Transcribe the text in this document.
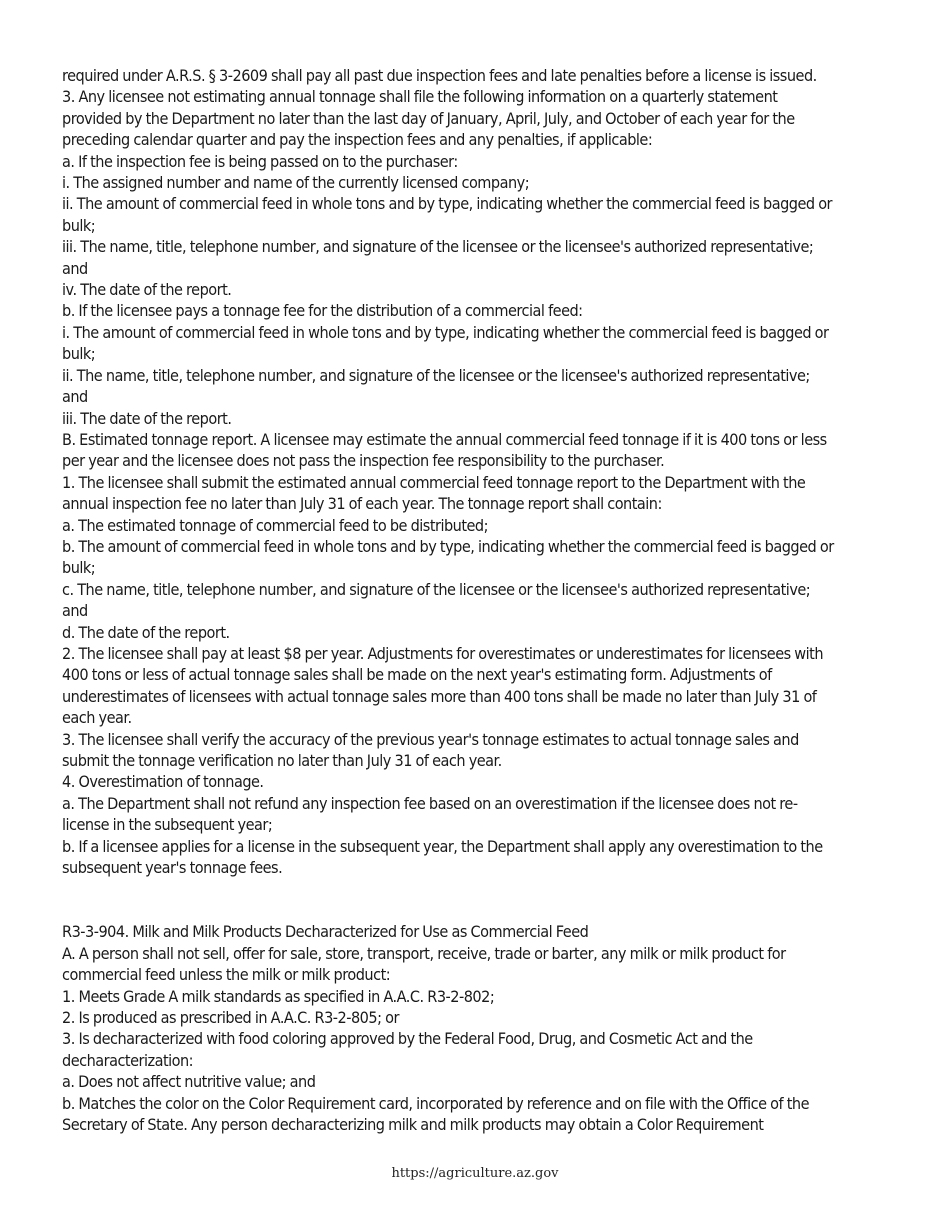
required under A.R.S. § 3-2609 shall pay all past due inspection fees and late penalties before a license is issued.

3. Any licensee not estimating annual tonnage shall file the following information on a quarterly statement provided by the Department no later than the last day of January, April, July, and October of each year for the preceding calendar quarter and pay the inspection fees and any penalties, if applicable:

a. If the inspection fee is being passed on to the purchaser:

i. The assigned number and name of the currently licensed company;

ii. The amount of commercial feed in whole tons and by type, indicating whether the commercial feed is bagged or bulk;

iii. The name, title, telephone number, and signature of the licensee or the licensee's authorized representative; and

iv. The date of the report.

b. If the licensee pays a tonnage fee for the distribution of a commercial feed:

i. The amount of commercial feed in whole tons and by type, indicating whether the commercial feed is bagged or bulk;

ii. The name, title, telephone number, and signature of the licensee or the licensee's authorized representative; and

iii. The date of the report.

B. Estimated tonnage report. A licensee may estimate the annual commercial feed tonnage if it is 400 tons or less per year and the licensee does not pass the inspection fee responsibility to the purchaser.

1. The licensee shall submit the estimated annual commercial feed tonnage report to the Department with the annual inspection fee no later than July 31 of each year. The tonnage report shall contain:

a. The estimated tonnage of commercial feed to be distributed;

b. The amount of commercial feed in whole tons and by type, indicating whether the commercial feed is bagged or bulk;

c. The name, title, telephone number, and signature of the licensee or the licensee's authorized representative; and

d. The date of the report.

2. The licensee shall pay at least $8 per year. Adjustments for overestimates or underestimates for licensees with 400 tons or less of actual tonnage sales shall be made on the next year's estimating form. Adjustments of underestimates of licensees with actual tonnage sales more than 400 tons shall be made no later than July 31 of each year.

3. The licensee shall verify the accuracy of the previous year's tonnage estimates to actual tonnage sales and submit the tonnage verification no later than July 31 of each year.

4. Overestimation of tonnage.

a. The Department shall not refund any inspection fee based on an overestimation if the licensee does not re-license in the subsequent year;

b. If a licensee applies for a license in the subsequent year, the Department shall apply any overestimation to the subsequent year's tonnage fees.

R3-3-904. Milk and Milk Products Decharacterized for Use as Commercial Feed

A. A person shall not sell, offer for sale, store, transport, receive, trade or barter, any milk or milk product for commercial feed unless the milk or milk product:

1. Meets Grade A milk standards as specified in A.A.C. R3-2-802;

2. Is produced as prescribed in A.A.C. R3-2-805; or

3. Is decharacterized with food coloring approved by the Federal Food, Drug, and Cosmetic Act and the decharacterization:

a. Does not affect nutritive value; and

b. Matches the color on the Color Requirement card, incorporated by reference and on file with the Office of the Secretary of State. Any person decharacterizing milk and milk products may obtain a Color Requirement

https://agriculture.az.gov
